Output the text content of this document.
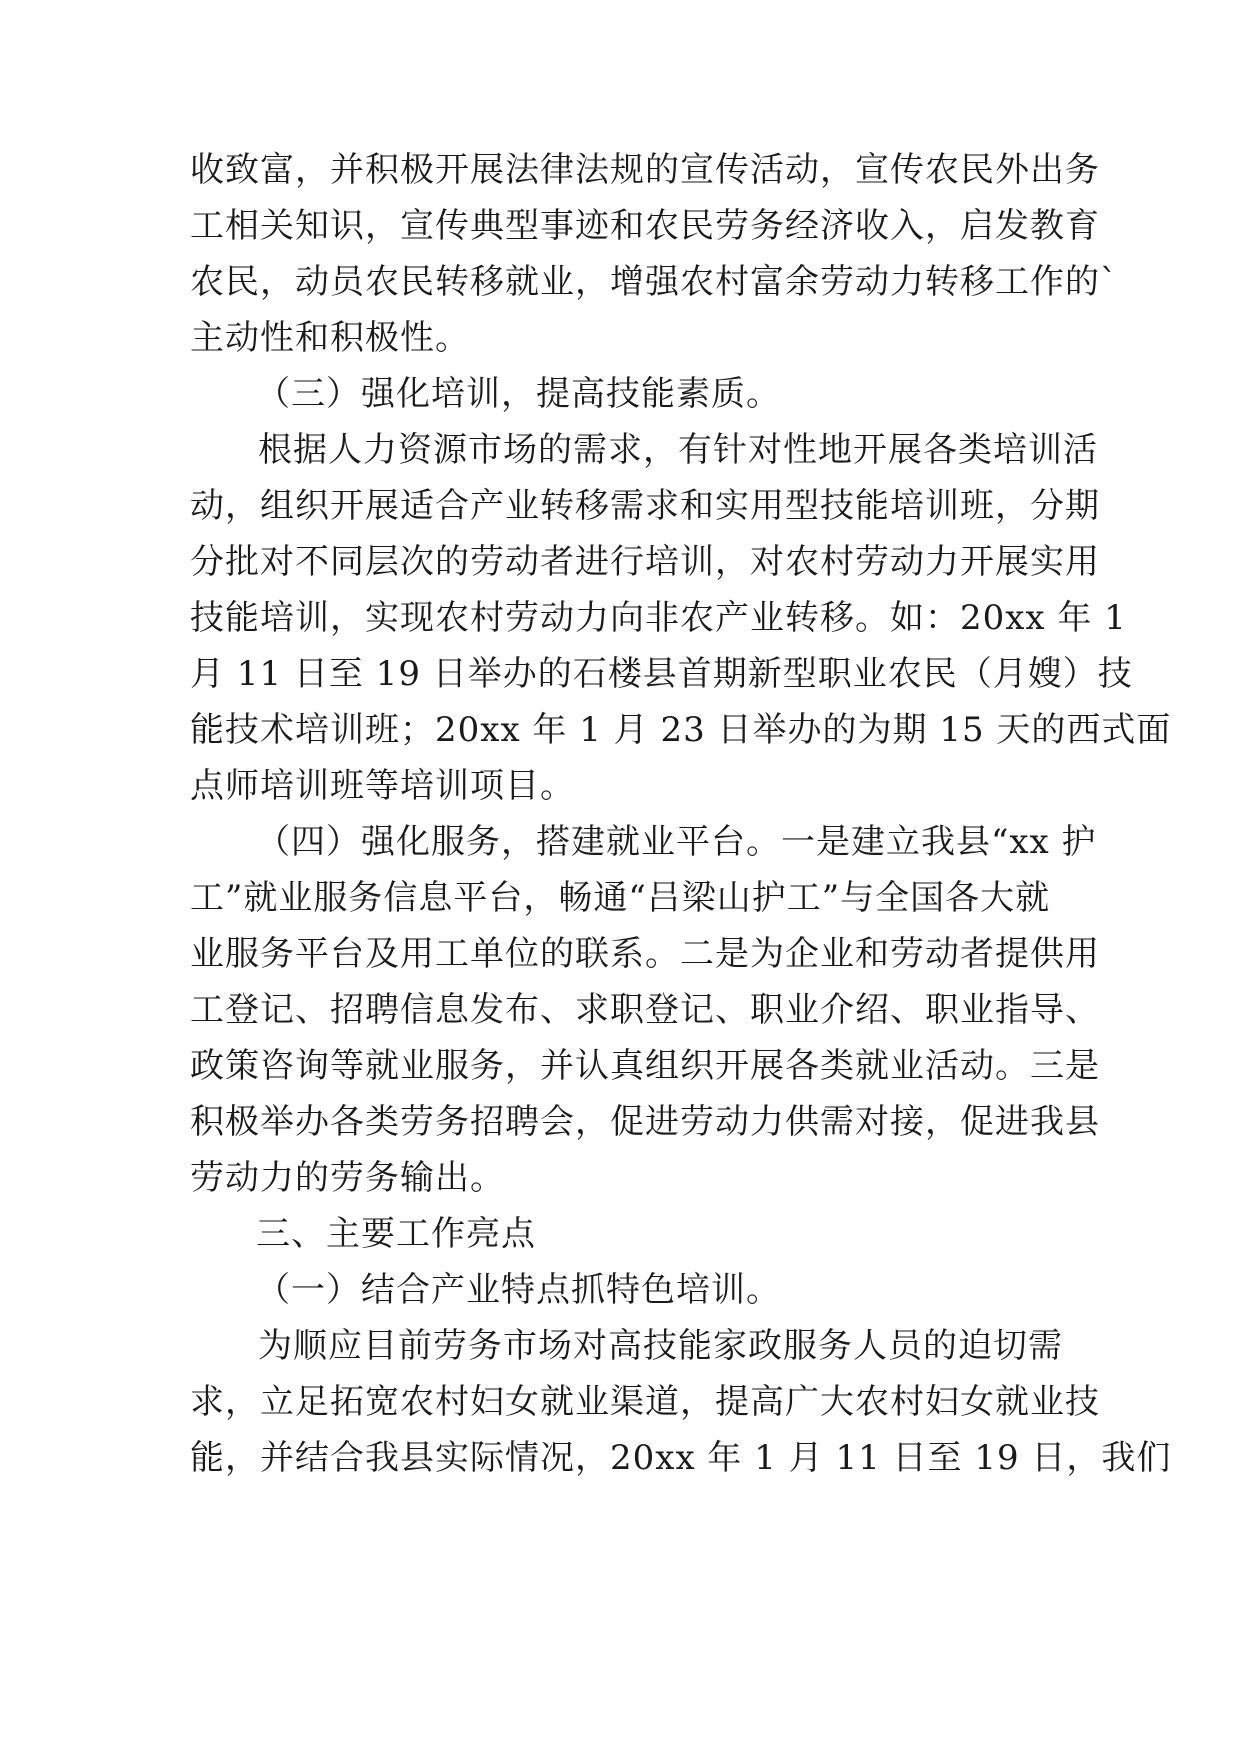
收致富，并积极开展法律法规的宣传活动，宣传农民外出务
工相关知识，宣传典型事迹和农民劳务经济收入，启发教育
农民，动员农民转移就业，增强农村富余劳动力转移工作的`
主动性和积极性。
（三）强化培训，提高技能素质。
根据人力资源市场的需求，有针对性地开展各类培训活
动，组织开展适合产业转移需求和实用型技能培训班，分期
分批对不同层次的劳动者进行培训，对农村劳动力开展实用
技能培训，实现农村劳动力向非农产业转移。如：20xx 年 1
月 11 日至 19 日举办的石楼县首期新型职业农民（月嫂）技
能技术培训班；20xx 年 1 月 23 日举办的为期 15 天的西式面
点师培训班等培训项目。
（四）强化服务，搭建就业平台。一是建立我县“xx 护
工”就业服务信息平台，畅通“吕梁山护工”与全国各大就
业服务平台及用工单位的联系。二是为企业和劳动者提供用
工登记、招聘信息发布、求职登记、职业介绍、职业指导、
政策咨询等就业服务，并认真组织开展各类就业活动。三是
积极举办各类劳务招聘会，促进劳动力供需对接，促进我县
劳动力的劳务输出。
三、主要工作亮点
（一）结合产业特点抓特色培训。
为顺应目前劳务市场对高技能家政服务人员的迫切需
求，立足拓宽农村妇女就业渠道，提高广大农村妇女就业技
能，并结合我县实际情况，20xx 年 1 月 11 日至 19 日，我们
